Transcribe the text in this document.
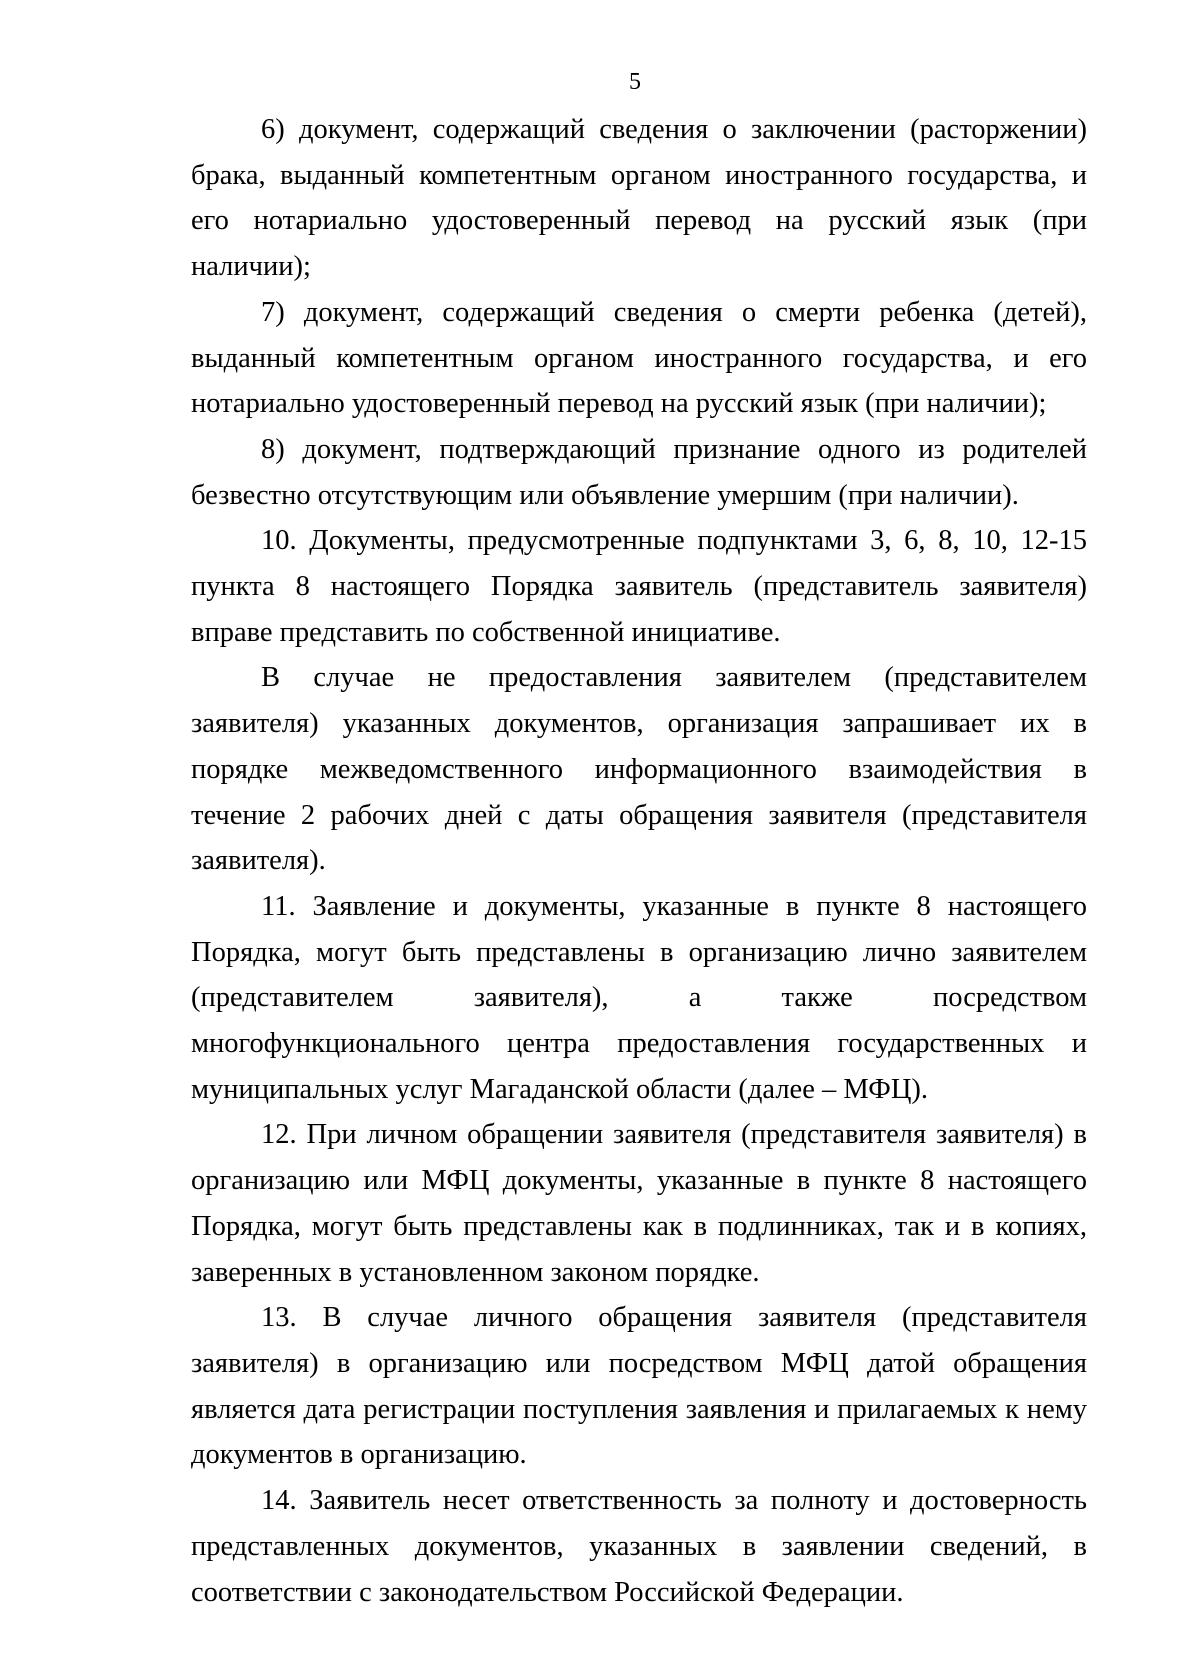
5

6) документ, содержащий сведения о заключении (расторжении) брака, выданный компетентным органом иностранного государства, и его нотариально удостоверенный перевод на русский язык (при наличии);

7) документ, содержащий сведения о смерти ребенка (детей), выданный компетентным органом иностранного государства, и его нотариально удостоверенный перевод на русский язык (при наличии);

8) документ, подтверждающий признание одного из родителей безвестно отсутствующим или объявление умершим (при наличии).

10. Документы, предусмотренные подпунктами 3, 6, 8, 10, 12-15 пункта 8 настоящего Порядка заявитель (представитель заявителя) вправе представить по собственной инициативе.

В случае не предоставления заявителем (представителем заявителя) указанных документов, организация запрашивает их в порядке межведомственного информационного взаимодействия в течение 2 рабочих дней с даты обращения заявителя (представителя заявителя).

11. Заявление и документы, указанные в пункте 8 настоящего Порядка, могут быть представлены в организацию лично заявителем (представителем заявителя), а также посредством многофункционального центра предоставления государственных и муниципальных услуг Магаданской области (далее – МФЦ).

12. При личном обращении заявителя (представителя заявителя) в организацию или МФЦ документы, указанные в пункте 8 настоящего Порядка, могут быть представлены как в подлинниках, так и в копиях, заверенных в установленном законом порядке.

13. В случае личного обращения заявителя (представителя заявителя) в организацию или посредством МФЦ датой обращения является дата регистрации поступления заявления и прилагаемых к нему документов в организацию.

14. Заявитель несет ответственность за полноту и достоверность представленных документов, указанных в заявлении сведений, в соответствии с законодательством Российской Федерации.
